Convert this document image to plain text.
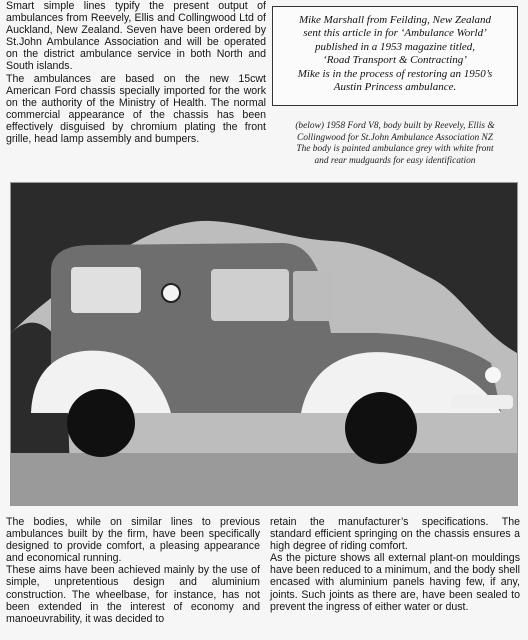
Smart simple lines typify the present output of ambulances from Reevely, Ellis and Collingwood Ltd of Auckland, New Zealand. Seven have been ordered by St.John Ambulance Association and will be operated on the district ambulance service in both North and South islands.

The ambulances are based on the new 15cwt American Ford chassis specially imported for the work on the authority of the Ministry of Health. The normal commercial appearance of the chassis has been effectively disguised by chromium plating the front grille, head lamp assembly and bumpers.

Mike Marshall from Feilding, New Zealand
sent this article in for ‘Ambulance World’
published in a 1953 magazine titled,
‘Road Transport & Contracting’
Mike is in the process of restoring an 1950’s
Austin Princess ambulance.
(below) 1958 Ford V8, body built by Reevely, Ellis &
Collingwood for St.John Ambulance Association NZ
The body is painted ambulance grey with white front
and rear mudguards for easy identification

The bodies, while on similar lines to previous ambulances built by the firm, have been specifically designed to provide comfort, a pleasing appearance and economical running.

These aims have been achieved mainly by the use of simple, unpretentious design and aluminium construction. The wheelbase, for instance, has not been extended in the interest of economy and manoeuvrability, it was decided to

retain the manufacturer’s specifications. The standard efficient springing on the chassis ensures a high degree of riding comfort.

As the picture shows all external plant-on mouldings have been reduced to a minimum, and the body shell encased with aluminium panels having few, if any, joints. Such joints as there are, have been sealed to prevent the ingress of either water or dust.
